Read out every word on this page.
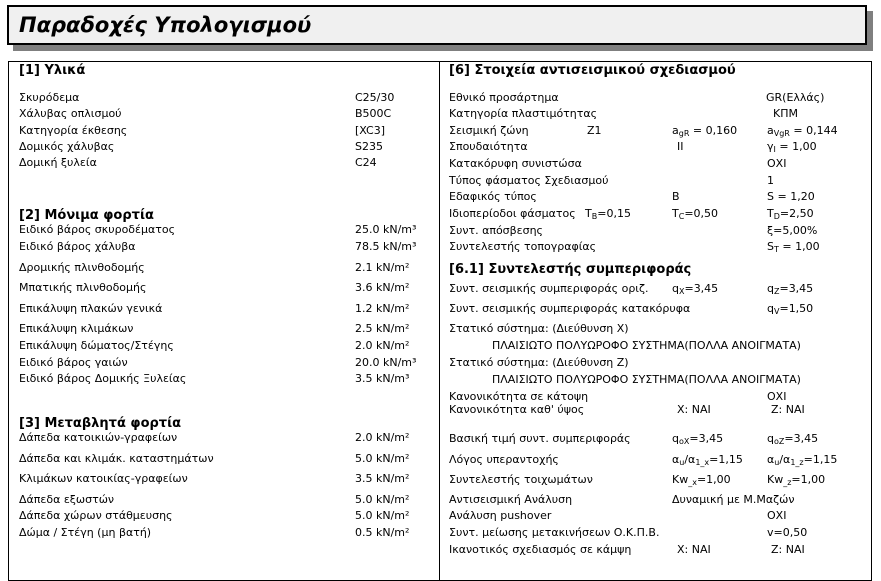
Παραδοχές Υπολογισμού
[1] Υλικά
Σκυρόδεμα	C25/30
Χάλυβας οπλισμού	B500C
Κατηγορία έκθεσης	[XC3]
Δομικός χάλυβας	S235
Δομική ξυλεία	C24
[2] Μόνιμα φορτία
Ειδικό βάρος σκυροδέματος	25.0 kN/m³
Ειδικό βάρος χάλυβα	78.5 kN/m³
Δρομικής πλινθοδομής	2.1 kN/m²
Μπατικής πλινθοδομής	3.6 kN/m²
Επικάλυψη πλακών γενικά	1.2 kN/m²
Επικάλυψη κλιμάκων	2.5 kN/m²
Επικάλυψη δώματος/Στέγης	2.0 kN/m²
Ειδικό βάρος γαιών	20.0 kN/m³
Ειδικό βάρος Δομικής Ξυλείας	3.5 kN/m³
[3] Μεταβλητά φορτία
Δάπεδα κατοικιών-γραφείων	2.0 kN/m²
Δάπεδα και κλιμάκ. καταστημάτων	5.0 kN/m²
Κλιμάκων κατοικίας-γραφείων	3.5 kN/m²
Δάπεδα εξωστών	5.0 kN/m²
Δάπεδα χώρων στάθμευσης	5.0 kN/m²
Δώμα / Στέγη (μη βατή)	0.5 kN/m²
[6] Στοιχεία αντισεισμικού σχεδιασμού
Εθνικό προσάρτημα	GR(Ελλάς)
Κατηγορία πλαστιμότητας	ΚΠΜ
Σεισμική ζώνη	Z1	$a_{gR} = 0,160$	$a_{VgR} = 0,144$
Σπουδαιότητα	II	$\gamma_I = 1,00$
Κατακόρυφη συνιστώσα	ΟΧΙ
Τύπος φάσματος Σχεδιασμού	1
Εδαφικός τύπος	B	S = 1,20
Ιδιοπερίοδοι φάσματος $T_B=0,15$	$T_C=0,50$	$T_D=2,50$
Συντ. απόσβεσης	ξ=5,00%
Συντελεστής τοπογραφίας	$S_T = 1,00$
[6.1] Συντελεστής συμπεριφοράς
Συντ. σεισμικής συμπεριφοράς οριζ. $q_X=3,45$	$q_Z=3,45$
Συντ. σεισμικής συμπεριφοράς κατακόρυφα	$q_V=1,50$
Στατικό σύστημα: (Διεύθυνση Χ)
ΠΛΑΙΣΙΩΤΟ ΠΟΛΥΩΡΟΦΟ ΣΥΣΤΗΜΑ(ΠΟΛΛΑ ΑΝΟΙΓΜΑΤΑ)
Στατικό σύστημα: (Διεύθυνση Z)
ΠΛΑΙΣΙΩΤΟ ΠΟΛΥΩΡΟΦΟ ΣΥΣΤΗΜΑ(ΠΟΛΛΑ ΑΝΟΙΓΜΑΤΑ)
Κανονικότητα σε κάτοψη	ΟΧΙ
Κανονικότητα καθ' ύψος	X: ΝΑΙ	Z: ΝΑΙ
Βασική τιμή συντ. συμπεριφοράς	$q_{oX}=3,45$	$q_{oZ}=3,45$
Λόγος υπεραντοχής	$\alpha_u/\alpha_{1\_x}=1,15$ $\alpha_u/\alpha_{1\_z}=1,15$
Συντελεστής τοιχωμάτων	$Kw_{\_x}=1,00$	$Kw_{\_z}=1,00$
Αντισεισμική Ανάλυση	Δυναμική με Μ.Μαζών
Ανάλυση pushover	ΟΧΙ
Συντ. μείωσης μετακινήσεων Ο.Κ.Π.Β.	v=0,50
Ικανοτικός σχεδιασμός σε κάμψη	X: ΝΑΙ	Z: ΝΑΙ
